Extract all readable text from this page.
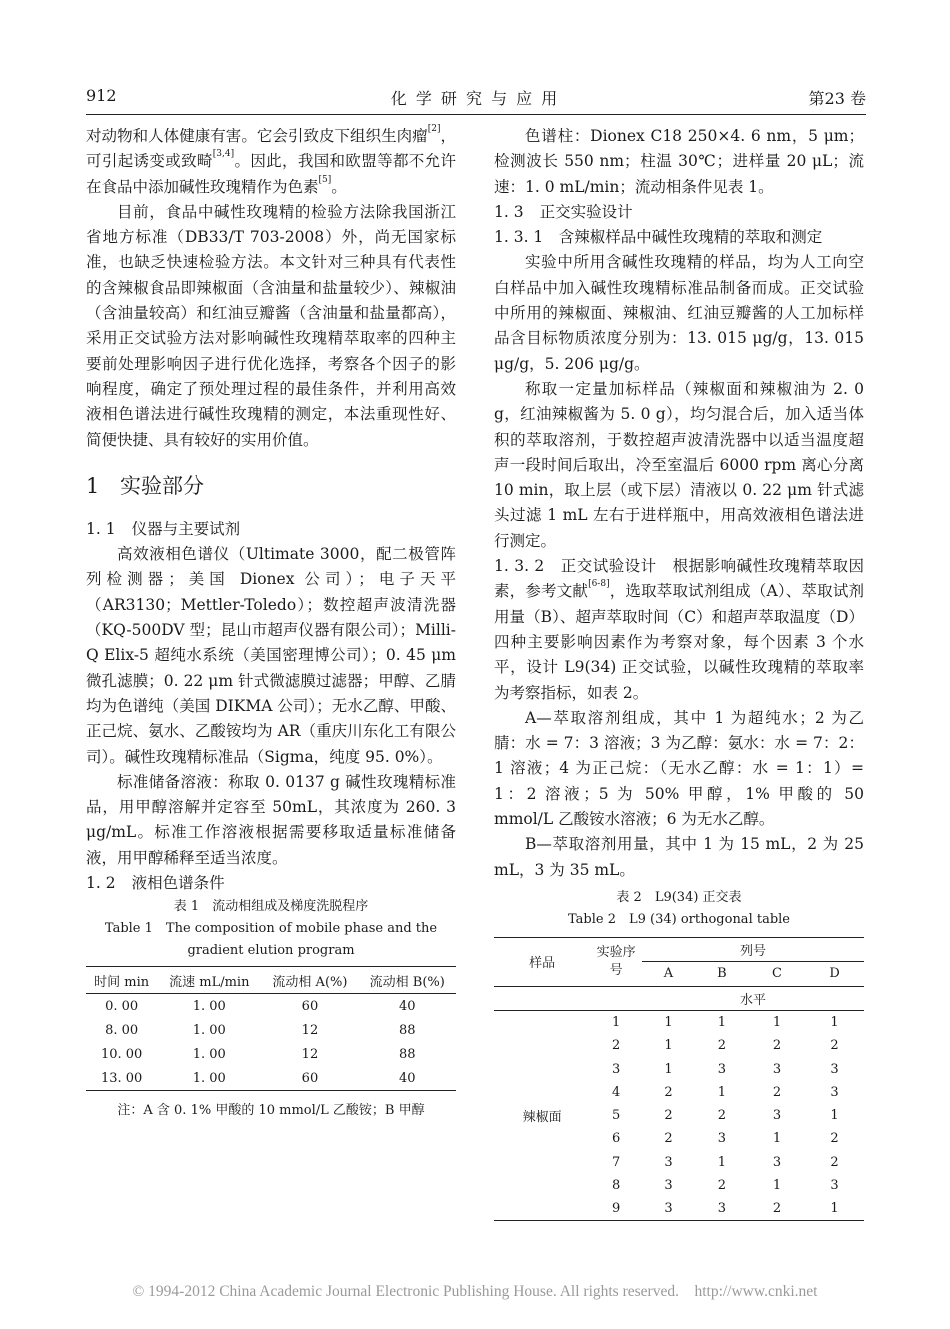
912	化 学 研 究 与 应 用	第23 卷

对动物和人体健康有害。它会引致皮下组织生肉瘤[2]，可引起诱变或致畸[3,4]。因此，我国和欧盟等都不允许在食品中添加碱性玫瑰精作为色素[5]。

目前，食品中碱性玫瑰精的检验方法除我国浙江省地方标准（DB33/T 703-2008）外，尚无国家标准，也缺乏快速检验方法。本文针对三种具有代表性的含辣椒食品即辣椒面（含油量和盐量较少）、辣椒油（含油量较高）和红油豆瓣酱（含油量和盐量都高），采用正交试验方法对影响碱性玫瑰精萃取率的四种主要前处理影响因子进行优化选择，考察各个因子的影响程度，确定了预处理过程的最佳条件，并利用高效液相色谱法进行碱性玫瑰精的测定，本法重现性好、简便快捷、具有较好的实用价值。

1 实验部分
1. 1 仪器与主要试剂

高效液相色谱仪（Ultimate 3000，配二极管阵列检测器；美国 Dionex 公司）；电子天平（AR3130；Mettler-Toledo）；数控超声波清洗器（KQ-500DV 型；昆山市超声仪器有限公司）；Milli-Q Elix-5 超纯水系统（美国密理博公司）；0. 45 μm 微孔滤膜；0. 22 μm 针式微滤膜过滤器；甲醇、乙腈均为色谱纯（美国 DIKMA 公司）；无水乙醇、甲酸、正己烷、氨水、乙酸铵均为 AR（重庆川东化工有限公司）。碱性玫瑰精标准品（Sigma，纯度 95. 0%）。

标准储备溶液：称取 0. 0137 g 碱性玫瑰精标准品，用甲醇溶解并定容至 50mL，其浓度为 260. 3 μg/mL。标准工作溶液根据需要移取适量标准储备液，用甲醇稀释至适当浓度。

1. 2 液相色谱条件
表 1　流动相组成及梯度洗脱程序
Table 1　The composition of mobile phase and the gradient elution program
时间 min	流速 mL/min	流动相 A(%)	流动相 B(%)
0. 00	1. 00	60	40
8. 00	1. 00	12	88
10. 00	1. 00	12	88
13. 00	1. 00	60	40
注：A 含 0. 1% 甲酸的 10 mmol/L 乙酸铵；B 甲醇

色谱柱：Dionex C18 250×4. 6 nm，5 μm；检测波长 550 nm；柱温 30℃；进样量 20 μL；流速：1. 0 mL/min；流动相条件见表 1。

1. 3 正交实验设计
1. 3. 1　含辣椒样品中碱性玫瑰精的萃取和测定

实验中所用含碱性玫瑰精的样品，均为人工向空白样品中加入碱性玫瑰精标准品制备而成。正交试验中所用的辣椒面、辣椒油、红油豆瓣酱的人工加标样品含目标物质浓度分别为：13. 015 μg/g，13. 015 μg/g，5. 206 μg/g。

称取一定量加标样品（辣椒面和辣椒油为 2. 0 g，红油辣椒酱为 5. 0 g），均匀混合后，加入适当体积的萃取溶剂，于数控超声波清洗器中以适当温度超声一段时间后取出，冷至室温后 6000 rpm 离心分离 10 min，取上层（或下层）清液以 0. 22 μm 针式滤头过滤 1 mL 左右于进样瓶中，用高效液相色谱法进行测定。

1. 3. 2　正交试验设计　根据影响碱性玫瑰精萃取因素，参考文献[6-8]，选取萃取试剂组成（A）、萃取试剂用量（B）、超声萃取时间（C）和超声萃取温度（D）四种主要影响因素作为考察对象，每个因素 3 个水平，设计 L9(34) 正交试验，以碱性玫瑰精的萃取率为考察指标，如表 2。

A—萃取溶剂组成，其中 1 为超纯水；2 为乙腈：水 = 7：3 溶液；3 为乙醇：氨水：水 = 7：2：1 溶液；4 为正己烷：（无水乙醇：水 = 1：1）= 1：2 溶液；5 为 50% 甲醇，1% 甲酸的 50 mmol/L 乙酸铵水溶液；6 为无水乙醇。

B—萃取溶剂用量，其中 1 为 15 mL，2 为 25 mL，3 为 35 mL。

表 2　L9(34) 正交表
Table 2　L9 (34) orthogonal table
样品	实验序号	列号			
		A	B	C	D
		水平			
辣椒面	1	1	1	1	1
	2	1	2	2	2
	3	1	3	3	3
	4	2	1	2	3
	5	2	2	3	1
	6	2	3	1	2
	7	3	1	3	2
	8	3	2	1	3
	9	3	3	2	1
© 1994-2012 China Academic Journal Electronic Publishing House. All rights reserved.　http://www.cnki.net
